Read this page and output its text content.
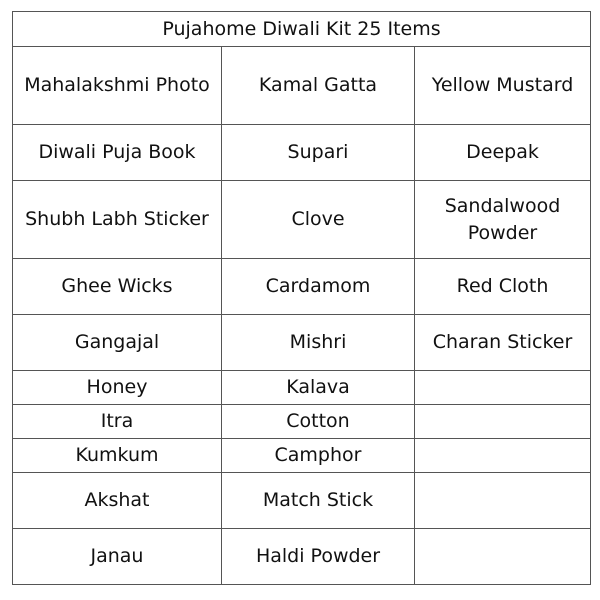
Pujahome Diwali Kit 25 Items		
Mahalakshmi Photo	Kamal Gatta	Yellow Mustard
Diwali Puja Book	Supari	Deepak
Shubh Labh Sticker	Clove	Sandalwood Powder
Ghee Wicks	Cardamom	Red Cloth
Gangajal	Mishri	Charan Sticker
Honey	Kalava	
Itra	Cotton	
Kumkum	Camphor	
Akshat	Match Stick	
Janau	Haldi Powder	
